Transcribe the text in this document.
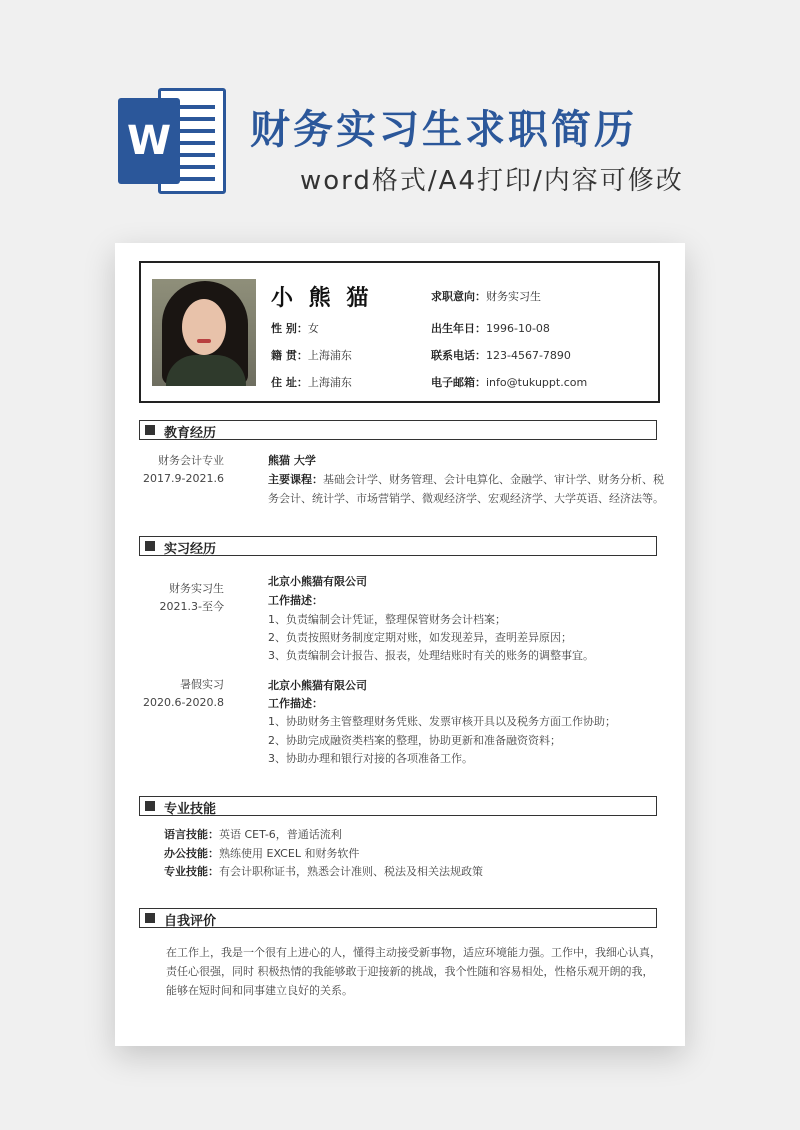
W 财务实习生求职简历
word格式/A4打印/内容可修改
小 熊 猫
性 别：女
籍 贯：上海浦东
住 址：上海浦东
求职意向：财务实习生
出生年日：1996-10-08
联系电话：123-4567-7890
电子邮箱：info@tukuppt.com
教育经历
财务会计专业
2017.9-2021.6
熊猫 大学
主要课程：基础会计学、财务管理、会计电算化、金融学、审计学、财务分析、税
务会计、统计学、市场营销学、微观经济学、宏观经济学、大学英语、经济法等。
实习经历
财务实习生
2021.3-至今
北京小熊猫有限公司
工作描述：
1、负责编制会计凭证，整理保管财务会计档案；
2、负责按照财务制度定期对账，如发现差异，查明差异原因；
3、负责编制会计报告、报表，处理结账时有关的账务的调整事宜。
暑假实习
2020.6-2020.8
北京小熊猫有限公司
工作描述：
1、协助财务主管整理财务凭账、发票审核开具以及税务方面工作协助；
2、协助完成融资类档案的整理，协助更新和准备融资资料；
3、协助办理和银行对接的各项准备工作。
专业技能
语言技能：英语 CET-6，普通话流利
办公技能：熟练使用 EXCEL 和财务软件
专业技能：有会计职称证书，熟悉会计准则、税法及相关法规政策
自我评价
在工作上，我是一个很有上进心的人，懂得主动接受新事物，适应环境能力强。工作中，我细心认真，
责任心很强，同时 积极热情的我能够敢于迎接新的挑战，我个性随和容易相处，性格乐观开朗的我，
能够在短时间和同事建立良好的关系。
